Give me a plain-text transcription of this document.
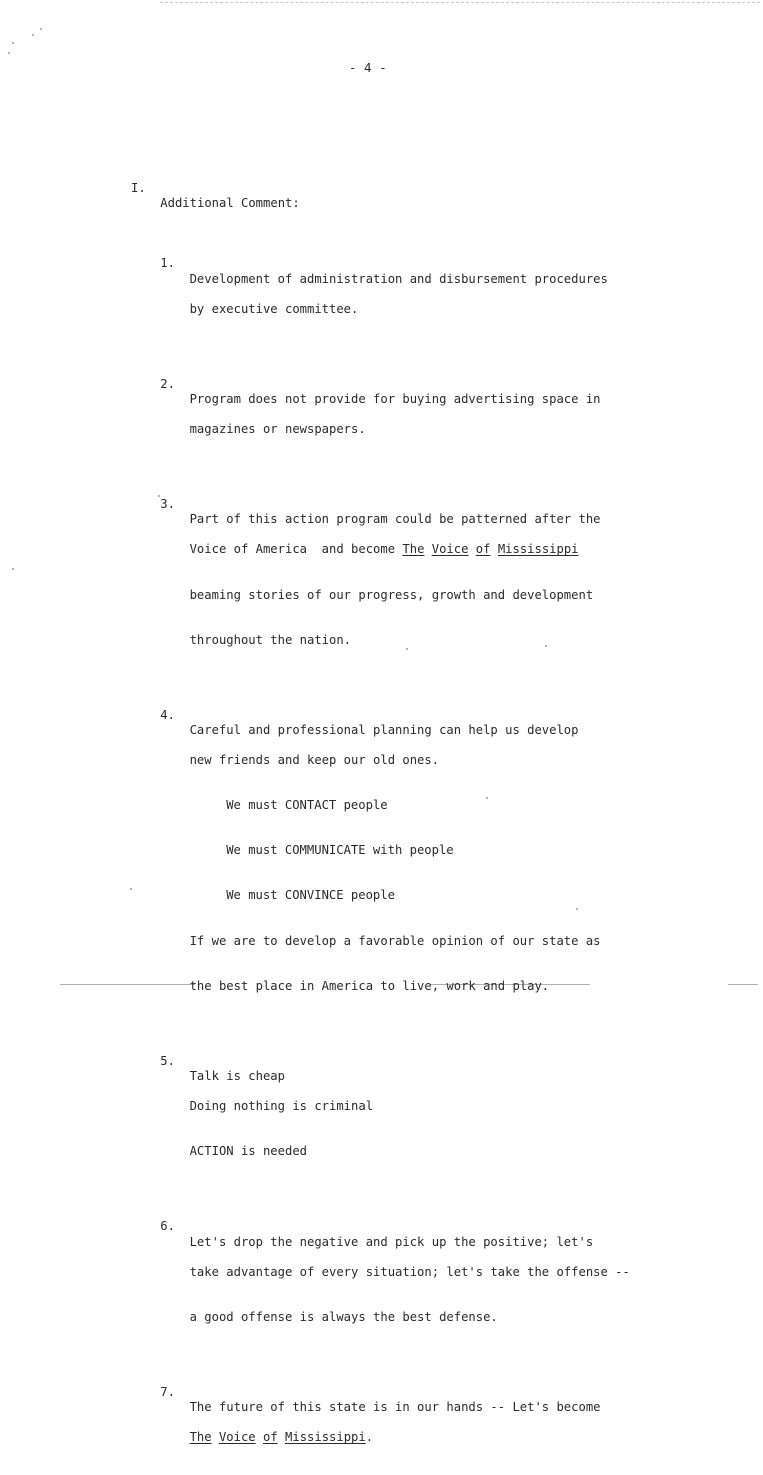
- 4 -

I.

Additional Comment:

1.

Development of administration and disbursement procedures

by executive committee.

2.

Program does not provide for buying advertising space in

magazines or newspapers.

3.

Part of this action program could be patterned after the

Voice of America  and become The Voice of Mississippi

beaming stories of our progress, growth and development

throughout the nation.

4.

Careful and professional planning can help us develop

new friends and keep our old ones.

We must CONTACT people

We must COMMUNICATE with people

We must CONVINCE people

If we are to develop a favorable opinion of our state as

the best place in America to live, work and play.

5.

Talk is cheap

Doing nothing is criminal

ACTION is needed

6.

Let's drop the negative and pick up the positive; let's

take advantage of every situation; let's take the offense --

a good offense is always the best defense.

7.

The future of this state is in our hands -- Let's become

The Voice of Mississippi.
